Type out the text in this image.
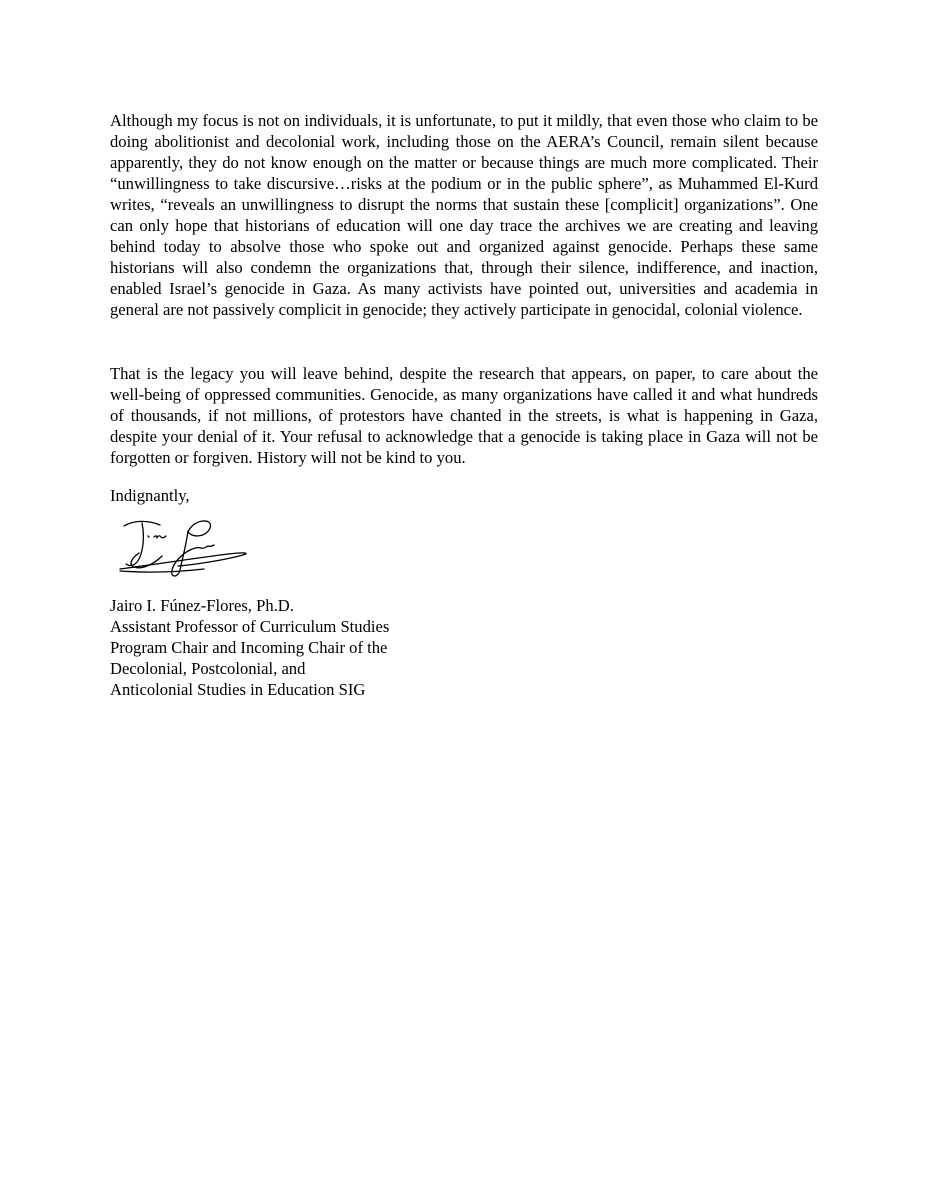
Although my focus is not on individuals, it is unfortunate, to put it mildly, that even those who claim to be doing abolitionist and decolonial work, including those on the AERA’s Council, remain silent because apparently, they do not know enough on the matter or because things are much more complicated. Their “unwillingness to take discursive…risks at the podium or in the public sphere”, as Muhammed El-Kurd writes, “reveals an unwillingness to disrupt the norms that sustain these [complicit] organizations”. One can only hope that historians of education will one day trace the archives we are creating and leaving behind today to absolve those who spoke out and organized against genocide. Perhaps these same historians will also condemn the organizations that, through their silence, indifference, and inaction, enabled Israel’s genocide in Gaza. As many activists have pointed out, universities and academia in general are not passively complicit in genocide; they actively participate in genocidal, colonial violence.

That is the legacy you will leave behind, despite the research that appears, on paper, to care about the well-being of oppressed communities. Genocide, as many organizations have called it and what hundreds of thousands, if not millions, of protestors have chanted in the streets, is what is happening in Gaza, despite your denial of it. Your refusal to acknowledge that a genocide is taking place in Gaza will not be forgotten or forgiven. History will not be kind to you.

Indignantly,

Jairo I. Fúnez-Flores, Ph.D.
Assistant Professor of Curriculum Studies
Program Chair and Incoming Chair of the
Decolonial, Postcolonial, and
Anticolonial Studies in Education SIG
